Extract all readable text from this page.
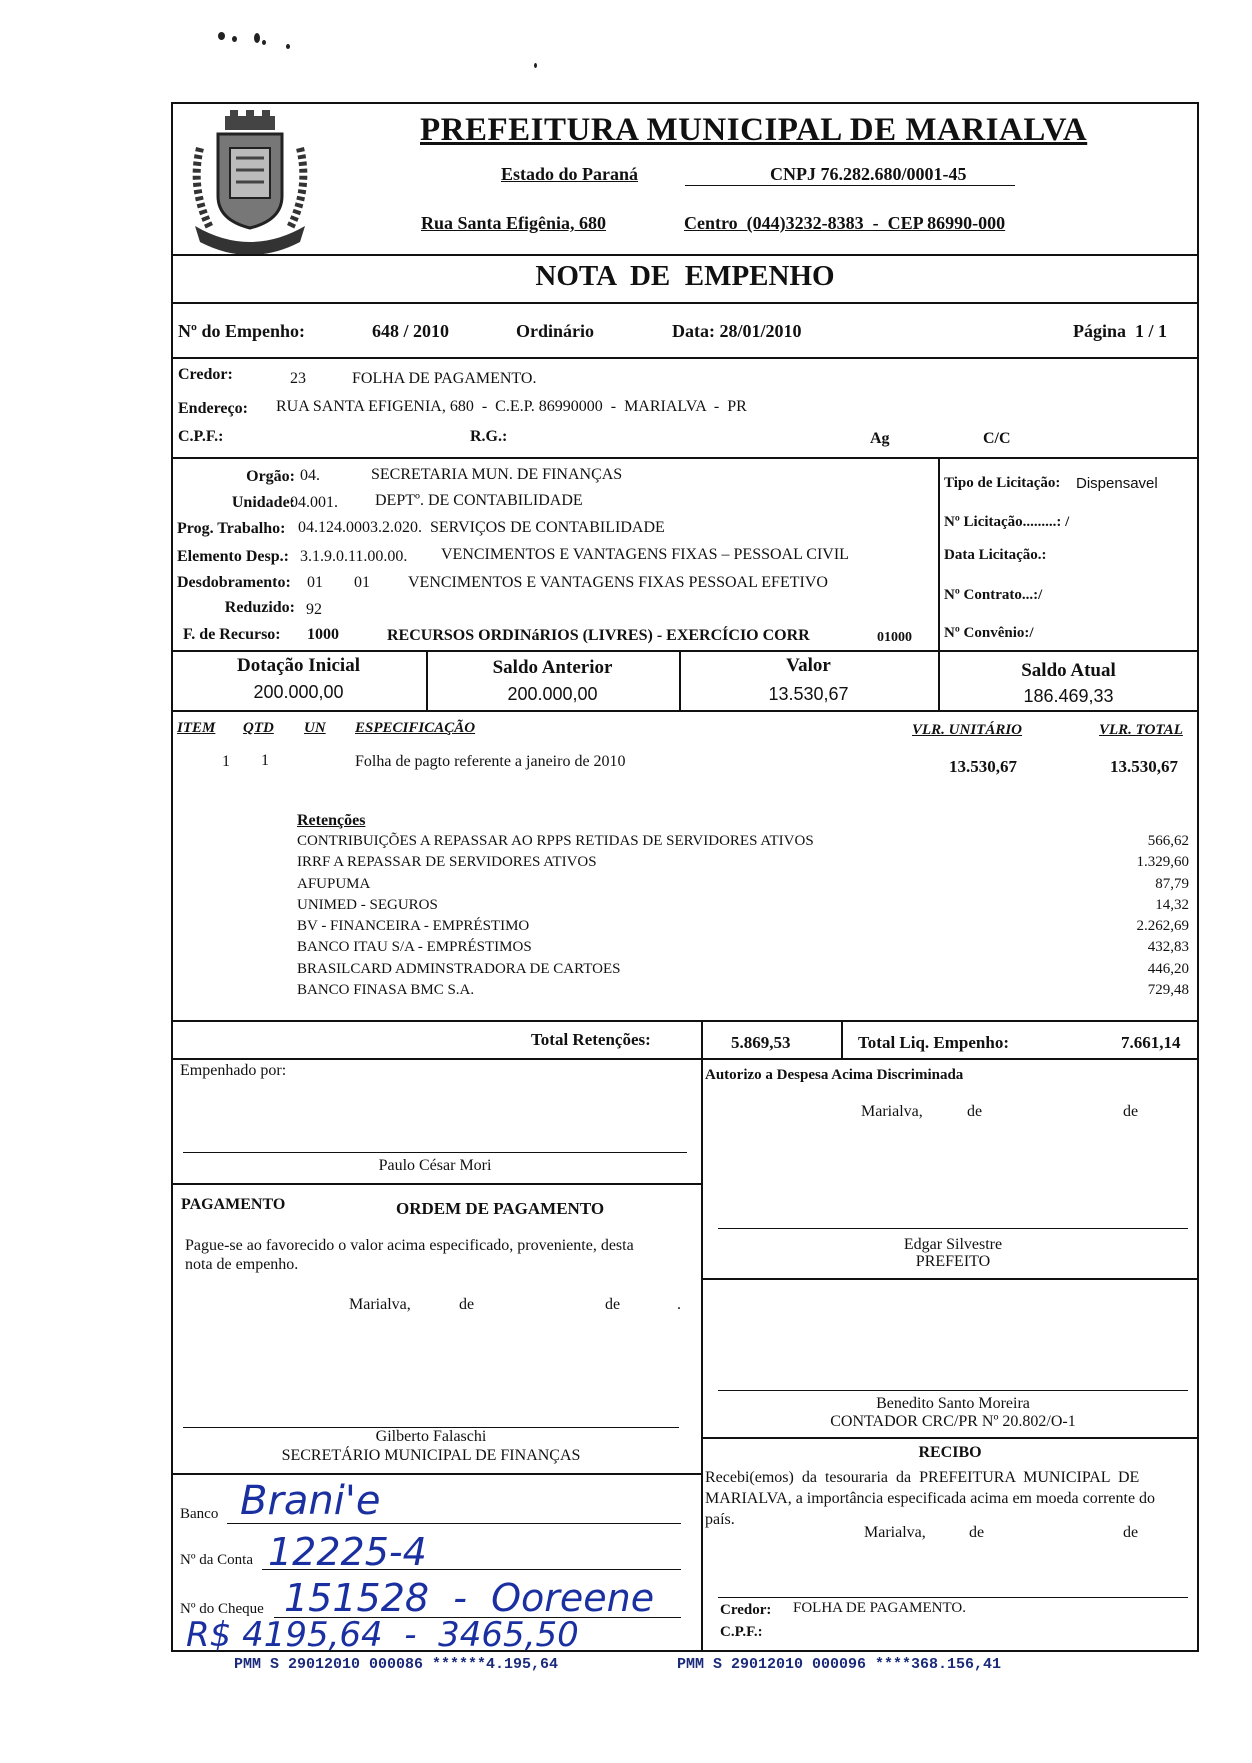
PREFEITURA MUNICIPAL DE MARIALVA
Estado do Paraná	CNPJ 76.282.680/0001-45
Rua Santa Efigênia, 680	Centro  (044)3232-8383  -  CEP 86990-000
NOTA  DE  EMPENHO
Nº do Empenho:	648 / 2010	Ordinário	Data: 28/01/2010	Página  1 / 1
Credor:	23	FOLHA DE PAGAMENTO.
Endereço: RUA SANTA EFIGENIA, 680  -  C.E.P. 86990000  -  MARIALVA  -  PR
C.P.F.:	R.G.:	Ag	C/C
Orgão: 04.	SECRETARIA MUN. DE FINANÇAS
Unidade:
04.001. DEPTº. DE CONTABILIDADE
Prog. Trabalho: 04.124.0003.2.020.  SERVIÇOS DE CONTABILIDADE
Elemento Desp.: 3.1.9.0.11.00.00. VENCIMENTOS E VANTAGENS FIXAS – PESSOAL CIVIL
Desdobramento: 01 01 VENCIMENTOS E VANTAGENS FIXAS PESSOAL EFETIVO
Reduzido: 92
F. de Recurso: 1000	RECURSOS ORDINáRIOS (LIVRES) - EXERCÍCIO CORR	01000
Tipo de Licitação: Dispensavel
Nº Licitação.........: /
Data Licitação.:
Nº Contrato...:/
Nº Convênio:/
Dotação Inicial
200.000,00
Saldo Anterior
200.000,00
Valor
13.530,67
Saldo Atual
186.469,33
ITEM QTD UN ESPECIFICAÇÃO	VLR. UNITÁRIO	VLR. TOTAL
1 1	Folha de pagto referente a janeiro de 2010	13.530,67	13.530,67
Retenções
CONTRIBUIÇÕES A REPASSAR AO RPPS RETIDAS DE SERVIDORES ATIVOS	566,62
IRRF A REPASSAR DE SERVIDORES ATIVOS	1.329,60
AFUPUMA	87,79
UNIMED - SEGUROS	14,32
BV - FINANCEIRA - EMPRÉSTIMO	2.262,69
BANCO ITAU S/A - EMPRÉSTIMOS	432,83
BRASILCARD ADMINSTRADORA DE CARTOES	446,20
BANCO FINASA BMC S.A.	729,48
Total Retenções:	5.869,53	Total Liq. Empenho:	7.661,14
Empenhado por:
Paulo César Mori
PAGAMENTO	ORDEM DE PAGAMENTO
Pague-se ao favorecido o valor acima especificado, proveniente, desta
nota de empenho.
Marialva,	de	de	.
Gilberto Falaschi
SECRETÁRIO MUNICIPAL DE FINANÇAS
Banco Brani'e
Nº da Conta 12225-4
Nº do Cheque 151528  -  Ooreene
R$ 4195,64  -  3465,50
Autorizo a Despesa Acima Discriminada
Marialva,	de	de
Edgar Silvestre
PREFEITO
Benedito Santo Moreira
CONTADOR CRC/PR Nº 20.802/O-1
RECIBO
Recebi(emos)  da  tesouraria  da  PREFEITURA  MUNICIPAL  DE
MARIALVA, a importância especificada acima em moeda corrente do
país.
Marialva,	de	de
Credor: FOLHA DE PAGAMENTO.
C.P.F.:
PMM S 29012010 000086 ******4.195,64	PMM S 29012010 000096 ****368.156,41
